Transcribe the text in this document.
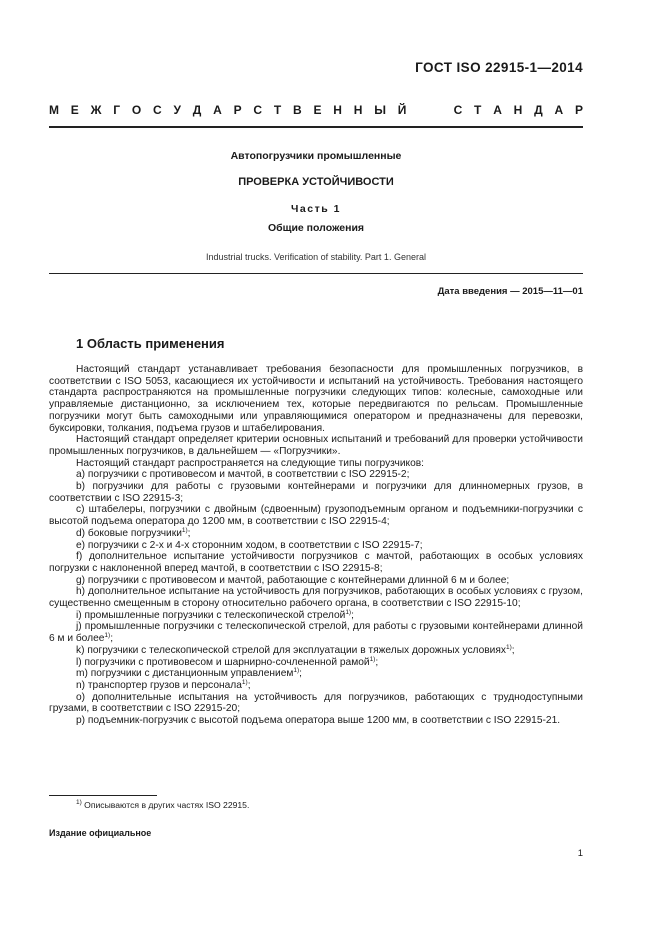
ГОСТ ISO 22915-1—2014
М Е Ж Г О С У Д А Р С Т В Е Н Н Ы Й	С Т А Н Д А Р
Автопогрузчики промышленные
ПРОВЕРКА УСТОЙЧИВОСТИ
Часть 1
Общие положения
Industrial trucks. Verification of stability. Part 1. General
Дата введения — 2015—11—01
1 Область применения

Настоящий стандарт устанавливает требования безопасности для промышленных погрузчиков, в соответствии с ISO 5053, касающиеся их устойчивости и испытаний на устойчивость. Требования настоящего стандарта распространяются на промышленные погрузчики следующих типов: колесные, самоходные или управляемые дистанционно, за исключением тех, которые передвигаются по рельсам. Промышленные погрузчики могут быть самоходными или управляющимися оператором и предназначены для перевозки, буксировки, толкания, подъема грузов и штабелирования.

Настоящий стандарт определяет критерии основных испытаний и требований для проверки устойчивости промышленных погрузчиков, в дальнейшем — «Погрузчики».

Настоящий стандарт распространяется на следующие типы погрузчиков:

a) погрузчики с противовесом и мачтой, в соответствии с ISO 22915-2;

b) погрузчики для работы с грузовыми контейнерами и погрузчики для длинномерных грузов, в соответствии с ISO 22915-3;

c) штабелеры, погрузчики с двойным (сдвоенным) грузоподъемным органом и подъемники-погрузчики с высотой подъема оператора до 1200 мм, в соответствии с ISO 22915-4;

d) боковые погрузчики$^{1)}$;

e) погрузчики с 2-х и 4-х сторонним ходом, в соответствии с ISO 22915-7;

f) дополнительное испытание устойчивости погрузчиков с мачтой, работающих в особых условиях погрузки с наклоненной вперед мачтой, в соответствии с ISO 22915-8;

g) погрузчики с противовесом и мачтой, работающие с контейнерами длинной 6 м и более;

h) дополнительное испытание на устойчивость для погрузчиков, работающих в особых условиях с грузом, существенно смещенным в сторону относительно рабочего органа, в соответствии с ISO 22915-10;

i) промышленные погрузчики с телескопической стрелой$^{1)}$;

j) промышленные погрузчики с телескопической стрелой, для работы с грузовыми контейнерами длинной 6 м и более$^{1)}$;

k) погрузчики с телескопической стрелой для эксплуатации в тяжелых дорожных условиях$^{1)}$;

l) погрузчики с противовесом и шарнирно-сочлененной рамой$^{1)}$;

m) погрузчики с дистанционным управлением$^{1)}$;

n) транспортер грузов и персонала$^{1)}$;

o) дополнительные испытания на устойчивость для погрузчиков, работающих с труднодоступными грузами, в соответствии с ISO 22915-20;

p) подъемник-погрузчик с высотой подъема оператора выше 1200 мм, в соответствии с ISO 22915-21.

$^{1)}$ Описываются в других частях ISO 22915.
Издание официальное
1
